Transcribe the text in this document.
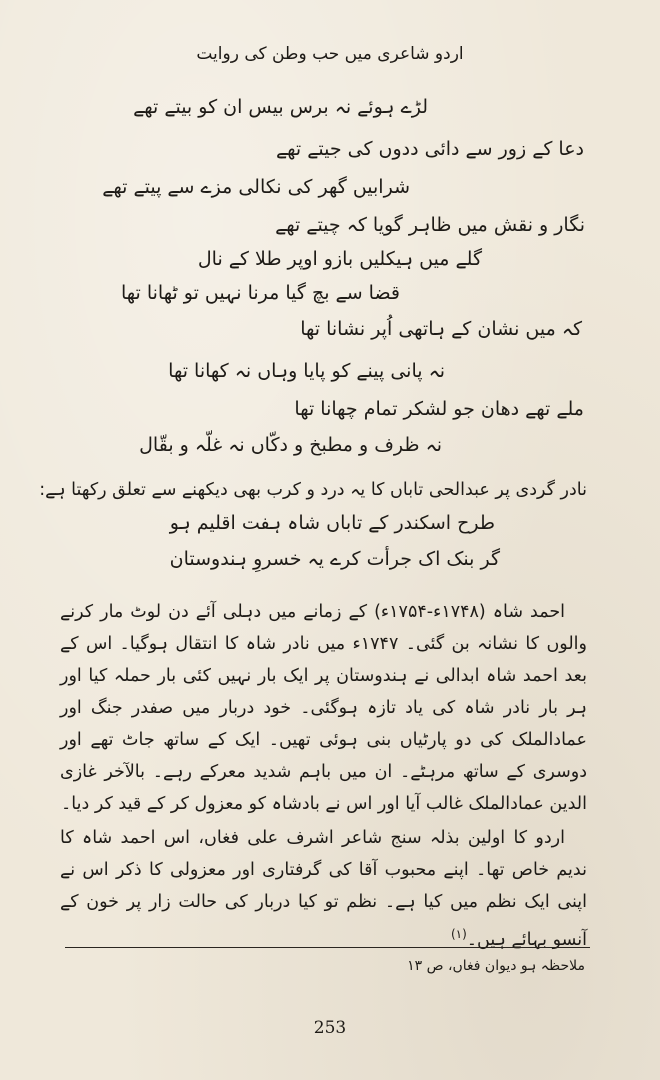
اردو شاعری میں حب وطن کی روایت
لڑے ہوئے نہ برس بیس ان کو بیتے تھے
دعا کے زور سے دائی ددوں کی جیتے تھے
شرابیں گھر کی نکالی مزے سے پیتے تھے
نگار و نقش میں ظاہر گویا کہ چیتے تھے
گلے میں ہیکلیں بازو اوپر طلا کے نال
قضا سے بچ گیا مرنا نہیں تو ٹھانا تھا
کہ میں نشان کے ہاتھی اُپر نشانا تھا
نہ پانی پینے کو پایا وہاں نہ کھانا تھا
ملے تھے دھان جو لشکر تمام چھانا تھا
نہ ظرف و مطبخ و دکّاں نہ غلّہ و بقّال
نادر گردی پر عبدالحی تاباں کا یہ درد و کرب بھی دیکھنے سے تعلق رکھتا ہے:
طرح اسکندر کے تاباں شاہ ہفت اقلیم ہو
گر بنک اک جرأت کرے یہ خسروِ ہندوستان
احمد شاہ (۱۷۴۸ء-۱۷۵۴ء) کے زمانے میں دہلی آئے دن لوٹ مار کرنے والوں کا نشانہ بن گئی۔ ۱۷۴۷ء میں نادر شاہ کا انتقال ہوگیا۔ اس کے بعد احمد شاہ ابدالی نے ہندوستان پر ایک بار نہیں کئی بار حملہ کیا اور ہر بار نادر شاہ کی یاد تازہ ہوگئی۔ خود دربار میں صفدر جنگ اور عمادالملک کی دو پارٹیاں بنی ہوئی تھیں۔ ایک کے ساتھ جاٹ تھے اور دوسری کے ساتھ مرہٹے۔ ان میں باہم شدید معرکے رہے۔ بالآخر غازی الدین عمادالملک غالب آیا اور اس نے بادشاہ کو معزول کر کے قید کر دیا۔
اردو کا اولین بذلہ سنج شاعر اشرف علی فغاں، اس احمد شاہ کا ندیم خاص تھا۔ اپنے محبوب آقا کی گرفتاری اور معزولی کا ذکر اس نے اپنی ایک نظم میں کیا ہے۔ نظم تو کیا دربار کی حالت زار پر خون کے آنسو بہائے ہیں۔$^{(۱)}$
ملاحظہ ہو دیوان فغاں، ص ۱۳
253
